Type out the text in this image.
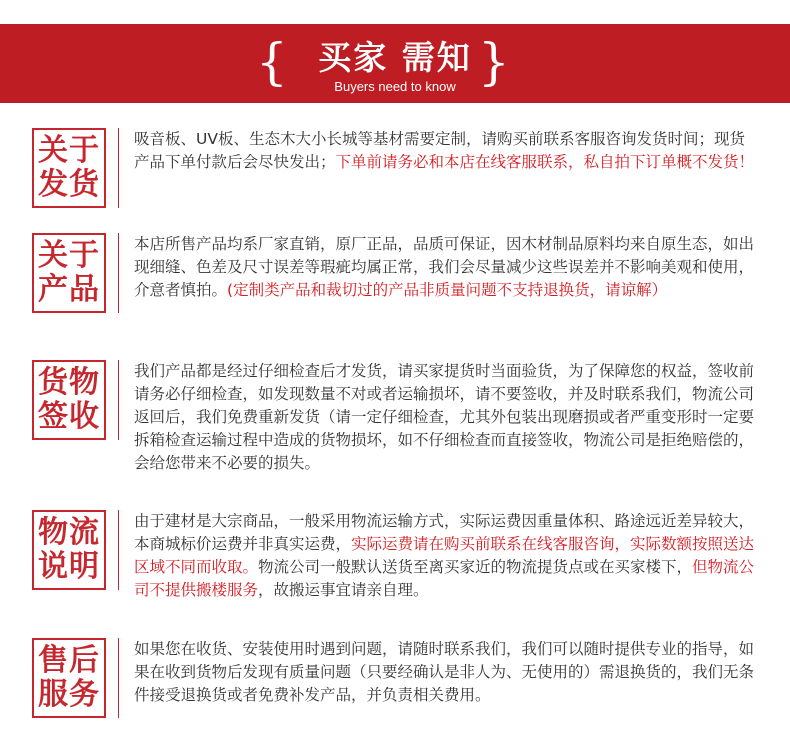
{ 买家 需知 }
Buyers need to know
关于
发货

吸音板、UV板、生态木大小长城等基材需要定制，请购买前联系客服咨询发货时间；现货产品下单付款后会尽快发出；下单前请务必和本店在线客服联系，私自拍下订单概不发货！

关于
产品

本店所售产品均系厂家直销，原厂正品，品质可保证，因木材制品原料均来自原生态，如出现细缝、色差及尺寸误差等瑕疵均属正常，我们会尽量减少这些误差并不影响美观和使用，介意者慎拍。(定制类产品和裁切过的产品非质量问题不支持退换货，请谅解）

货物
签收

我们产品都是经过仔细检查后才发货，请买家提货时当面验货，为了保障您的权益，签收前请务必仔细检查，如发现数量不对或者运输损坏，请不要签收，并及时联系我们，物流公司返回后，我们免费重新发货（请一定仔细检查，尤其外包装出现磨损或者严重变形时一定要拆箱检查运输过程中造成的货物损坏，如不仔细检查而直接签收，物流公司是拒绝赔偿的，会给您带来不必要的损失。

物流
说明

由于建材是大宗商品，一般采用物流运输方式，实际运费因重量体积、路途远近差异较大，本商城标价运费并非真实运费，实际运费请在购买前联系在线客服咨询，实际数额按照送达区域不同而收取。物流公司一般默认送货至离买家近的物流提货点或在买家楼下，但物流公司不提供搬楼服务，故搬运事宜请亲自理。

售后
服务

如果您在收货、安装使用时遇到问题，请随时联系我们，我们可以随时提供专业的指导，如果在收到货物后发现有质量问题（只要经确认是非人为、无使用的）需退换货的，我们无条件接受退换货或者免费补发产品，并负责相关费用。
